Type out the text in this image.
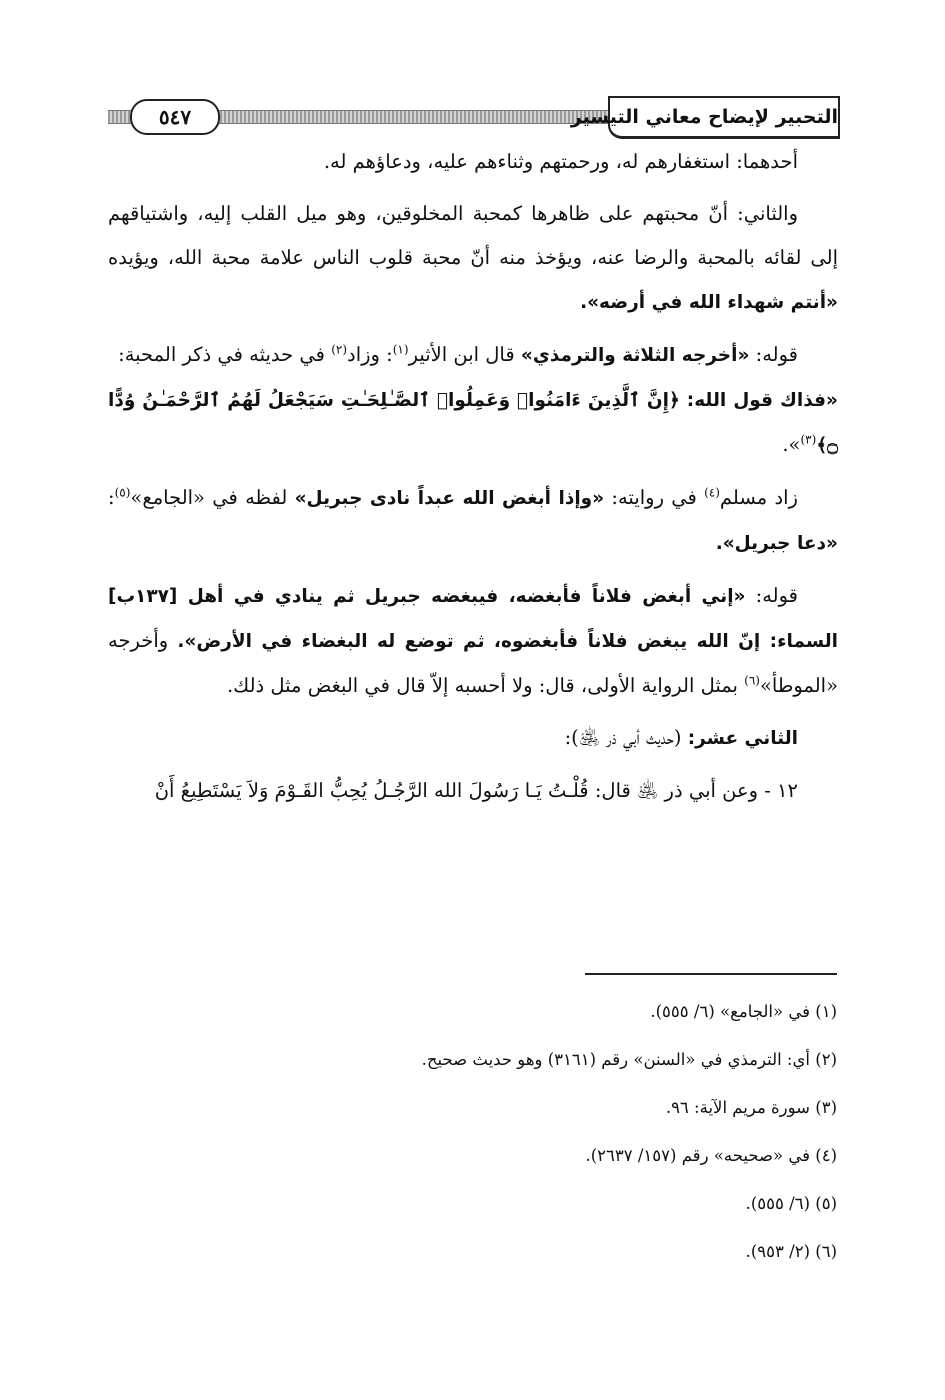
٥٤٧	التحبير لإيضاح معاني التيسير

أحدهما: استغفارهم له، ورحمتهم وثناءهم عليه، ودعاؤهم له.

والثاني: أنّ محبتهم على ظاهرها كمحبة المخلوقين، وهو ميل القلب إليه، واشتياقهم إلى لقائه بالمحبة والرضا عنه، ويؤخذ منه أنّ محبة قلوب الناس علامة محبة الله، ويؤيده «أنتم شهداء الله في أرضه».

قوله: «أخرجه الثلاثة والترمذي» قال ابن الأثير$^{(١)}$: وزاد$^{(٢)}$ في حديثه في ذكر المحبة:
«فذاك قول الله: ﴿إِنَّ ٱلَّذِينَ ءَامَنُوا۟ وَعَمِلُوا۟ ٱلصَّـٰلِحَـٰتِ سَيَجْعَلُ لَهُمُ ٱلرَّحْمَـٰنُ وُدًّا ۝﴾$^{(٣)}$».

زاد مسلم$^{(٤)}$ في روايته: «وإذا أبغض الله عبداً نادى جبريل» لفظه في «الجامع»$^{(٥)}$: «دعا جبريل».

قوله: «إني أبغض فلاناً فأبغضه، فيبغضه جبريل ثم ينادي في أهل [١٣٧ب] السماء: إنّ الله يبغض فلاناً فأبغضوه، ثم توضع له البغضاء في الأرض». وأخرجه «الموطأ»$^{(٦)}$ بمثل الرواية الأولى، قال: ولا أحسبه إلاّ قال في البغض مثل ذلك.

الثاني عشر: (حديث أبي ذر ﵁):

١٢ - وعن أبي ذر ﵁ قال: قُلْـتُ يَـا رَسُولَ الله الرَّجُـلُ يُحِبُّ القَـوْمَ وَلاَ يَسْتَطِيعُ أَنْ

(١) في «الجامع» (٦/ ٥٥٥).
(٢) أي: الترمذي في «السنن» رقم (٣١٦١) وهو حديث صحيح.
(٣) سورة مريم الآية: ٩٦.
(٤) في «صحيحه» رقم (١٥٧/ ٢٦٣٧).
(٥) (٦/ ٥٥٥).
(٦) (٢/ ٩٥٣).
